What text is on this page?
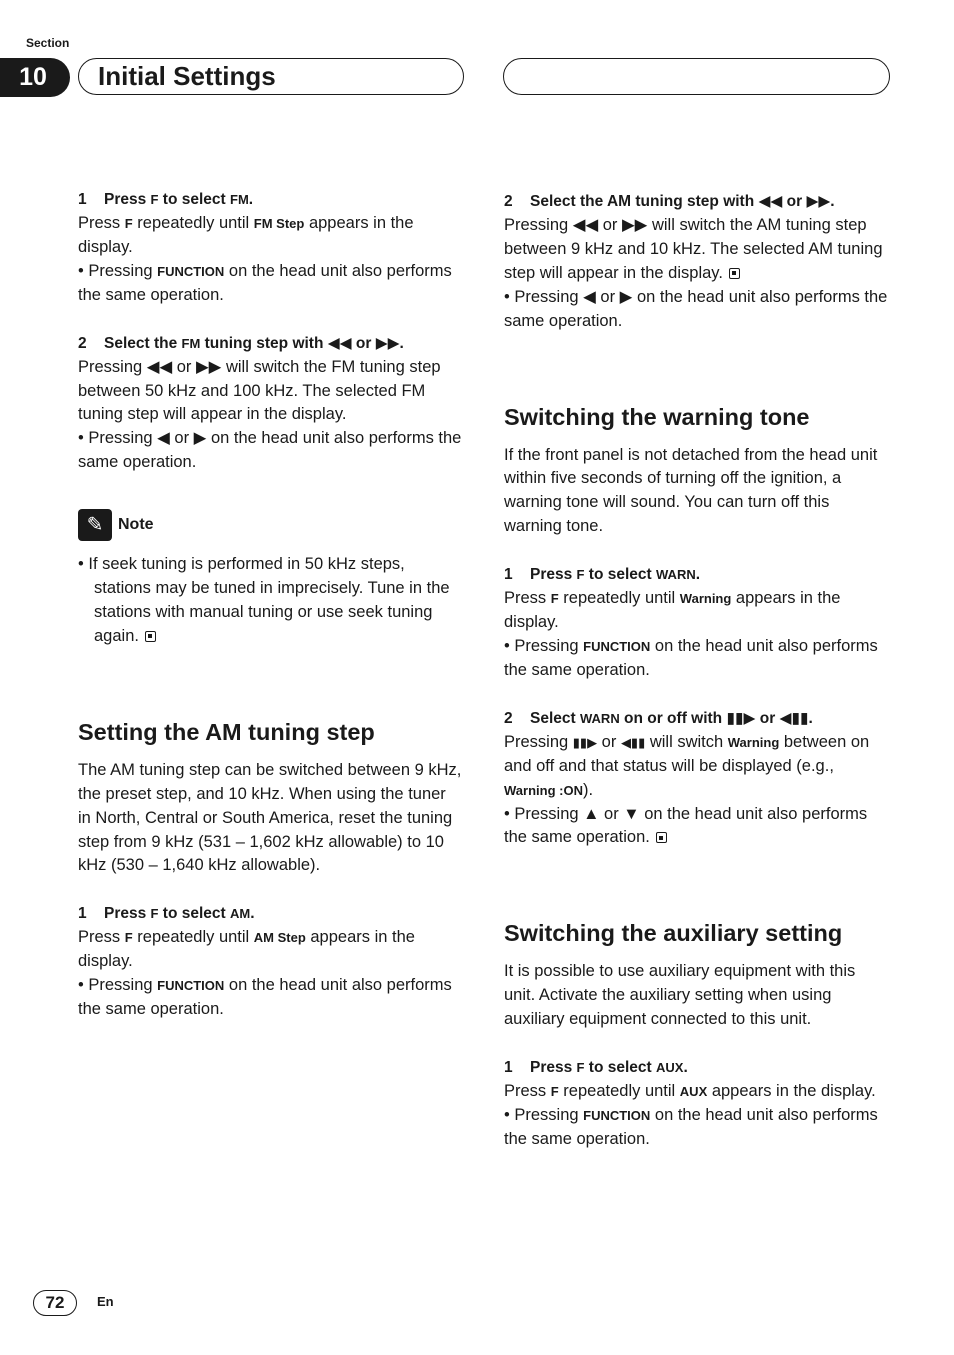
Section
10	Initial Settings

1 Press F to select FM.

Press F repeatedly until FM Step appears in the display.

• Pressing FUNCTION on the head unit also performs the same operation.

2 Select the FM tuning step with ◀◀ or ▶▶.

Pressing ◀◀ or ▶▶ will switch the FM tuning step between 50 kHz and 100 kHz. The selected FM tuning step will appear in the display.

• Pressing ◀ or ▶ on the head unit also performs the same operation.

✎ Note

• If seek tuning is performed in 50 kHz steps, stations may be tuned in imprecisely. Tune in the stations with manual tuning or use seek tuning again.

Setting the AM tuning step

The AM tuning step can be switched between 9 kHz, the preset step, and 10 kHz. When using the tuner in North, Central or South America, reset the tuning step from 9 kHz (531 – 1,602 kHz allowable) to 10 kHz (530 – 1,640 kHz allowable).

1 Press F to select AM.

Press F repeatedly until AM Step appears in the display.

• Pressing FUNCTION on the head unit also performs the same operation.

2 Select the AM tuning step with ◀◀ or ▶▶.

Pressing ◀◀ or ▶▶ will switch the AM tuning step between 9 kHz and 10 kHz. The selected AM tuning step will appear in the display.

• Pressing ◀ or ▶ on the head unit also performs the same operation.

Switching the warning tone

If the front panel is not detached from the head unit within five seconds of turning off the ignition, a warning tone will sound. You can turn off this warning tone.

1 Press F to select WARN.

Press F repeatedly until Warning appears in the display.

• Pressing FUNCTION on the head unit also performs the same operation.

2 Select WARN on or off with ▮▮▶ or ◀▮▮.

Pressing ▮▮▶ or ◀▮▮ will switch Warning between on and off and that status will be displayed (e.g., Warning :ON).

• Pressing ▲ or ▼ on the head unit also performs the same operation.

Switching the auxiliary setting

It is possible to use auxiliary equipment with this unit. Activate the auxiliary setting when using auxiliary equipment connected to this unit.

1 Press F to select AUX.

Press F repeatedly until AUX appears in the display.

• Pressing FUNCTION on the head unit also performs the same operation.

72	En
